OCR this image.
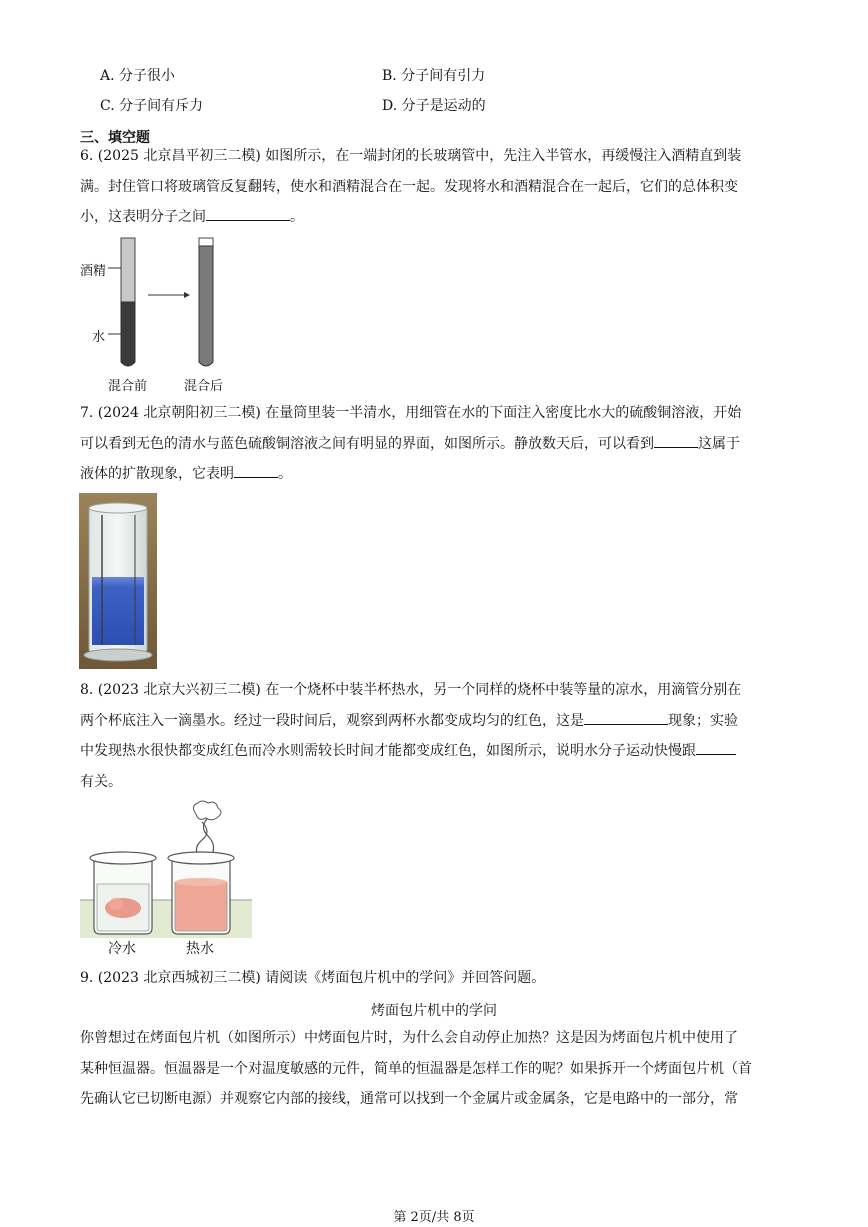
A. 分子很小	B. 分子间有引力
C. 分子间有斥力	D. 分子是运动的
三、填空题
6. (2025 北京昌平初三二模) 如图所示，在一端封闭的长玻璃管中，先注入半管水，再缓慢注入酒精直到装
满。封住管口将玻璃管反复翻转，使水和酒精混合在一起。发现将水和酒精混合在一起后，它们的总体积变
小，这表明分子之间	。
酒精
水
混合前	混合后
7. (2024 北京朝阳初三二模) 在量筒里装一半清水，用细管在水的下面注入密度比水大的硫酸铜溶液，开始
可以看到无色的清水与蓝色硫酸铜溶液之间有明显的界面，如图所示。静放数天后，可以看到	这属于
液体的扩散现象，它表明	。
8. (2023 北京大兴初三二模) 在一个烧杯中装半杯热水，另一个同样的烧杯中装等量的凉水，用滴管分别在
两个杯底注入一滴墨水。经过一段时间后，观察到两杯水都变成均匀的红色，这是	现象；实验
中发现热水很快都变成红色而冷水则需较长时间才能都变成红色，如图所示，说明水分子运动快慢跟
有关。
冷水	热水
9. (2023 北京西城初三二模) 请阅读《烤面包片机中的学问》并回答问题。
烤面包片机中的学问
你曾想过在烤面包片机（如图所示）中烤面包片时，为什么会自动停止加热？这是因为烤面包片机中使用了
某种恒温器。恒温器是一个对温度敏感的元件，简单的恒温器是怎样工作的呢？如果拆开一个烤面包片机（首
先确认它已切断电源）并观察它内部的接线，通常可以找到一个金属片或金属条，它是电路中的一部分，常
第 2页/共 8页
